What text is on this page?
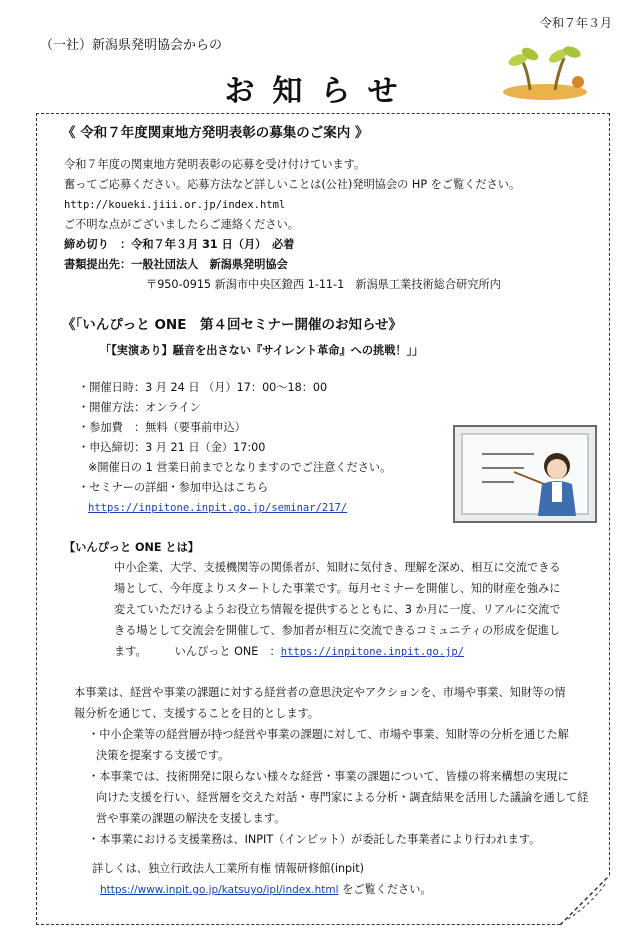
令和７年３月
（一社）新潟県発明協会からの
お知らせ
《 令和７年度関東地方発明表彰の募集のご案内 》
令和７年度の関東地方発明表彰の応募を受け付けています。
奮ってご応募ください。応募方法など詳しいことは(公社)発明協会の HP をご覧ください。
http://koueki.jiii.or.jp/index.html
ご不明な点がございましたらご連絡ください。
締め切り　：令和７年３月 31 日（月）　必着
書類提出先：一般社団法人　新潟県発明協会
〒950-0915 新潟市中央区鐙西 1-11-1　新潟県工業技術総合研究所内
《「いんぴっと ONE　第４回セミナー開催のお知らせ》
「【実演あり】騒音を出さない『サイレント革命』への挑戦！」」
・開催日時：3 月 24 日 （月）17：00〜18：00
・開催方法：オンライン
・参加費　：無料（要事前申込）
・申込締切：3 月 21 日（金）17:00
※開催日の 1 営業日前までとなりますのでご注意ください。
・セミナーの詳細・参加申込はこちら
https://inpitone.inpit.go.jp/seminar/217/
【いんぴっと ONE とは】
中小企業、大学、支援機関等の関係者が、知財に気付き、理解を深め、相互に交流できる
場として、今年度よりスタートした事業です。毎月セミナーを開催し、知的財産を強みに
変えていただけるようお役立ち情報を提供するとともに、3 か月に一度、リアルに交流で
きる場として交流会を開催して、参加者が相互に交流できるコミュニティの形成を促進し
ます。　　　いんぴっと ONE　：https://inpitone.inpit.go.jp/
本事業は、経営や事業の課題に対する経営者の意思決定やアクションを、市場や事業、知財等の情
報分析を通じて、支援することを目的とします。
・中小企業等の経営層が持つ経営や事業の課題に対して、市場や事業、知財等の分析を通じた解
決策を提案する支援です。
・本事業では、技術開発に限らない様々な経営・事業の課題について、皆様の将来構想の実現に
向けた支援を行い、経営層を交えた対話・専門家による分析・調査結果を活用した議論を通して経
営や事業の課題の解決を支援します。
・本事業における支援業務は、INPIT（インピット）が委託した事業者により行われます。
詳しくは、独立行政法人工業所有権 情報研修館(inpit)
https://www.inpit.go.jp/katsuyo/ipl/index.html をご覧ください。
